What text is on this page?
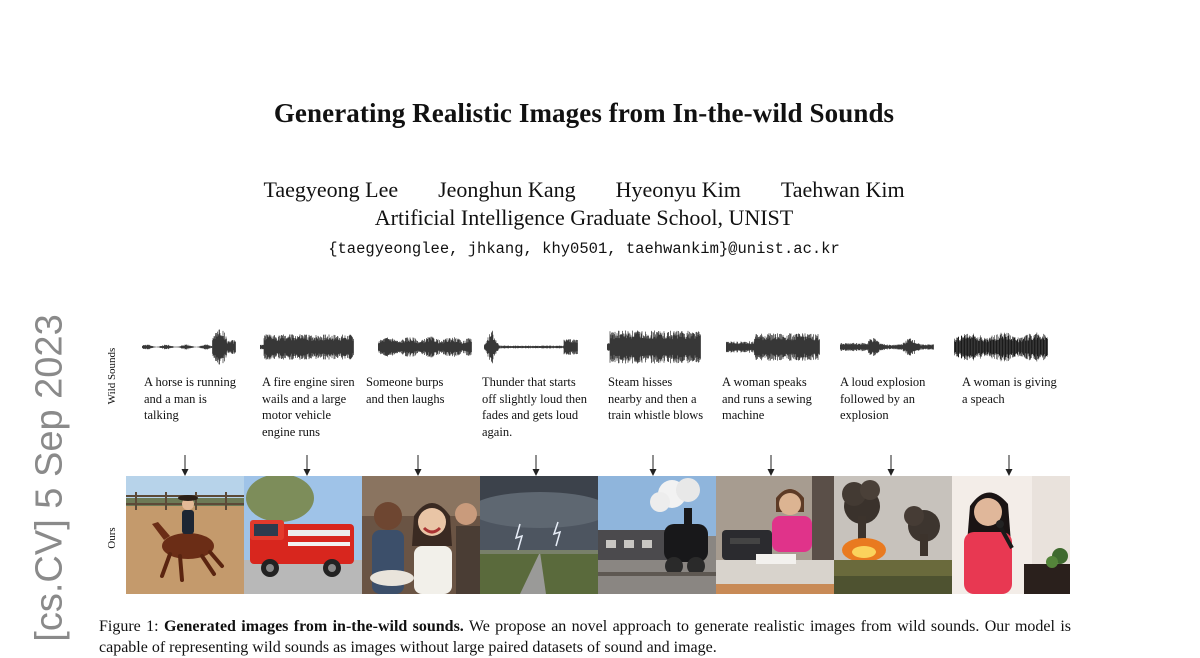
Generating Realistic Images from In-the-wild Sounds
Taegyeong Lee Jeonghun Kang Hyeonyu Kim Taehwan Kim
Artificial Intelligence Graduate School, UNIST
{taegyeonglee, jhkang, khy0501, taehwankim}@unist.ac.kr
[cs.CV] 5 Sep 2023	Wild Sounds
Ours
A horse is running and a man is talking
A fire engine siren wails and a large motor vehicle engine runs
Someone burps and then laughs
Thunder that starts off slightly loud then fades and gets loud again.
Steam hisses nearby and then a train whistle blows
A woman speaks and runs a sewing machine
A loud explosion followed by an explosion
A woman is giving a speach
Figure 1: Generated images from in-the-wild sounds. We propose an novel approach to generate realistic images from wild sounds. Our model is capable of representing wild sounds as images without large paired datasets of sound and image.
